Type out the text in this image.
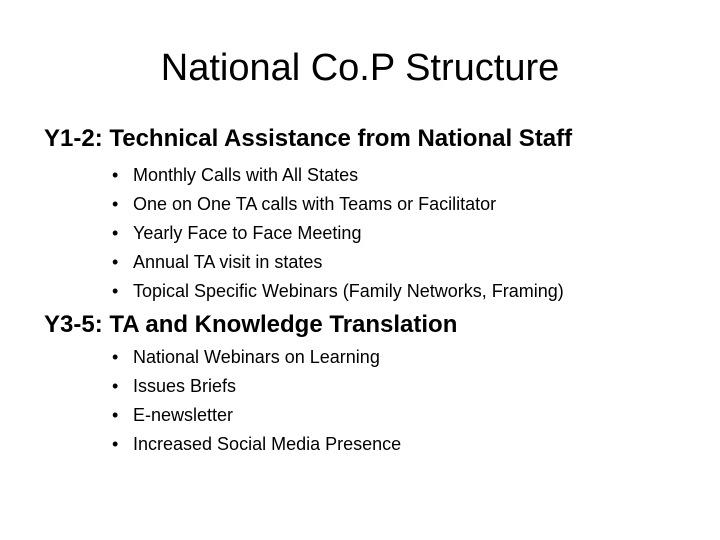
National Co.P Structure
Y1-2: Technical Assistance from National Staff
• Monthly Calls with All States
• One on One TA calls with Teams or Facilitator
• Yearly Face to Face Meeting
• Annual TA visit in states
• Topical Specific Webinars (Family Networks, Framing)
Y3-5: TA and Knowledge Translation
• National Webinars on Learning
• Issues Briefs
• E-newsletter
• Increased Social Media Presence
